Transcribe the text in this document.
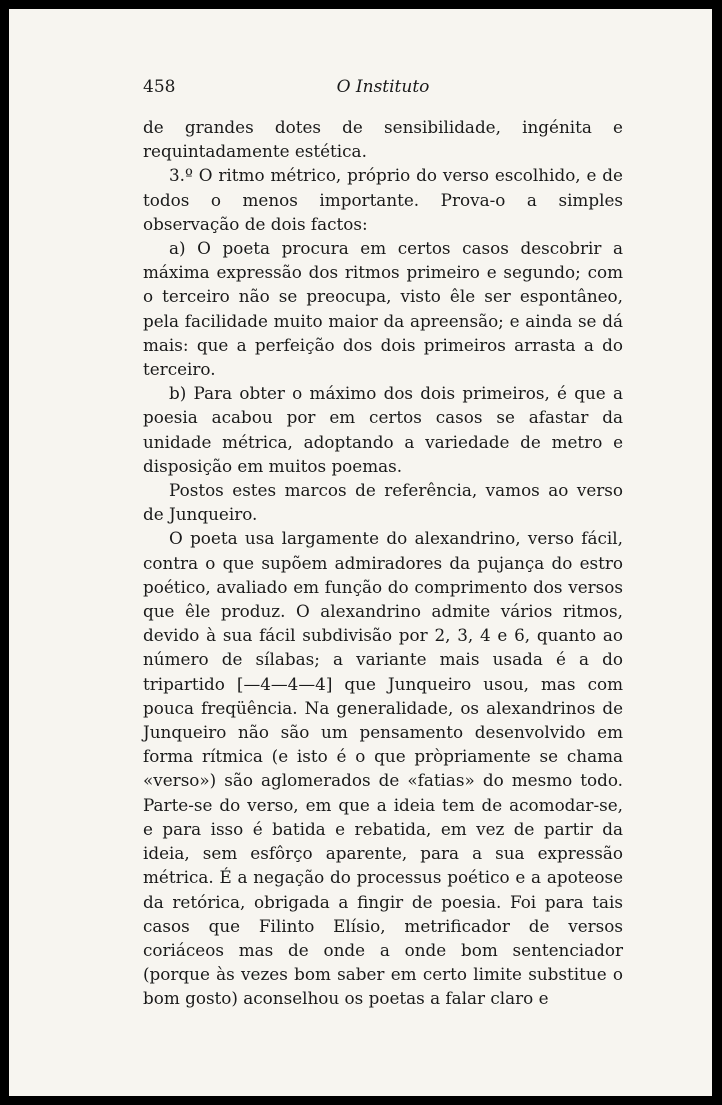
458	O Instituto

de grandes dotes de sensibilidade, ingénita e requintadamente estética.

3.º O ritmo métrico, próprio do verso escolhido, e de todos o menos importante. Prova-o a simples observação de dois factos:

a) O poeta procura em certos casos descobrir a máxima expressão dos ritmos primeiro e segundo; com o terceiro não se preocupa, visto êle ser espontâneo, pela facilidade muito maior da apreensão; e ainda se dá mais: que a perfeição dos dois primeiros arrasta a do terceiro.

b) Para obter o máximo dos dois primeiros, é que a poesia acabou por em certos casos se afastar da unidade métrica, adoptando a variedade de metro e disposição em muitos poemas.

Postos estes marcos de referência, vamos ao verso de Junqueiro.

O poeta usa largamente do alexandrino, verso fácil, contra o que supõem admiradores da pujança do estro poético, avaliado em função do comprimento dos versos que êle produz. O alexandrino admite vários ritmos, devido à sua fácil subdivisão por 2, 3, 4 e 6, quanto ao número de sílabas; a variante mais usada é a do tripartido [—4—4—4] que Junqueiro usou, mas com pouca freqüência. Na generalidade, os alexandrinos de Junqueiro não são um pensamento desenvolvido em forma rítmica (e isto é o que pròpriamente se chama «verso») são aglomerados de «fatias» do mesmo todo. Parte-se do verso, em que a ideia tem de acomodar-se, e para isso é batida e rebatida, em vez de partir da ideia, sem esfôrço aparente, para a sua expressão métrica. É a negação do processus poético e a apoteose da retórica, obrigada a fingir de poesia. Foi para tais casos que Filinto Elísio, metrificador de versos coriáceos mas de onde a onde bom sentenciador (porque às vezes bom saber em certo limite substitue o bom gosto) aconselhou os poetas a falar claro e
